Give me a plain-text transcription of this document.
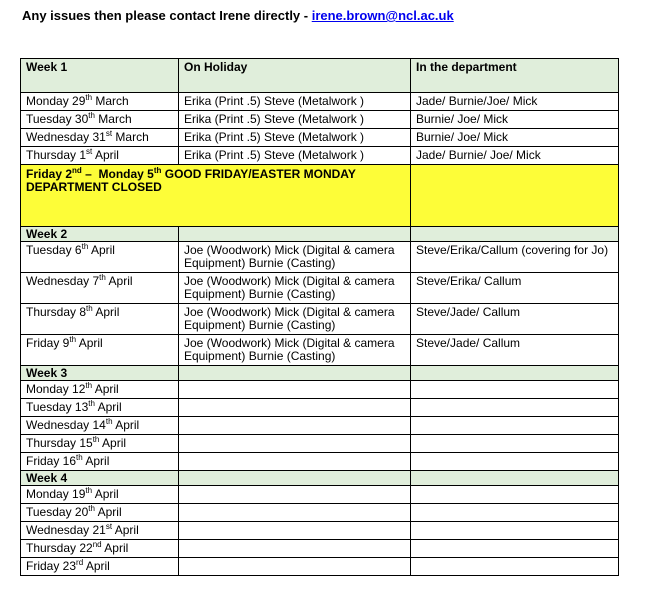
Any issues then please contact Irene directly - irene.brown@ncl.ac.uk

Week 1	On Holiday	In the department
Monday 29th March	Erika (Print .5) Steve (Metalwork )	Jade/ Burnie/Joe/ Mick
Tuesday 30th March	Erika (Print .5) Steve (Metalwork )	Burnie/ Joe/ Mick
Wednesday 31st March	Erika (Print .5) Steve (Metalwork )	Burnie/ Joe/ Mick
Thursday 1st April	Erika (Print .5) Steve (Metalwork )	Jade/ Burnie/ Joe/ Mick
Friday 2nd –  Monday 5th GOOD FRIDAY/EASTER MONDAY
DEPARTMENT CLOSED		
Week 2		
Tuesday 6th April	Joe (Woodwork) Mick (Digital & camera Equipment) Burnie (Casting)	Steve/Erika/Callum (covering for Jo)
Wednesday 7th April	Joe (Woodwork) Mick (Digital & camera Equipment) Burnie (Casting)	Steve/Erika/ Callum
Thursday 8th April	Joe (Woodwork) Mick (Digital & camera Equipment) Burnie (Casting)	Steve/Jade/ Callum
Friday 9th April	Joe (Woodwork) Mick (Digital & camera Equipment) Burnie (Casting)	Steve/Jade/ Callum
Week 3		
Monday 12th April		
Tuesday 13th April		
Wednesday 14th April		
Thursday 15th April		
Friday 16th April		
Week 4		
Monday 19th April		
Tuesday 20th April		
Wednesday 21st April		
Thursday 22nd April		
Friday 23rd April		
